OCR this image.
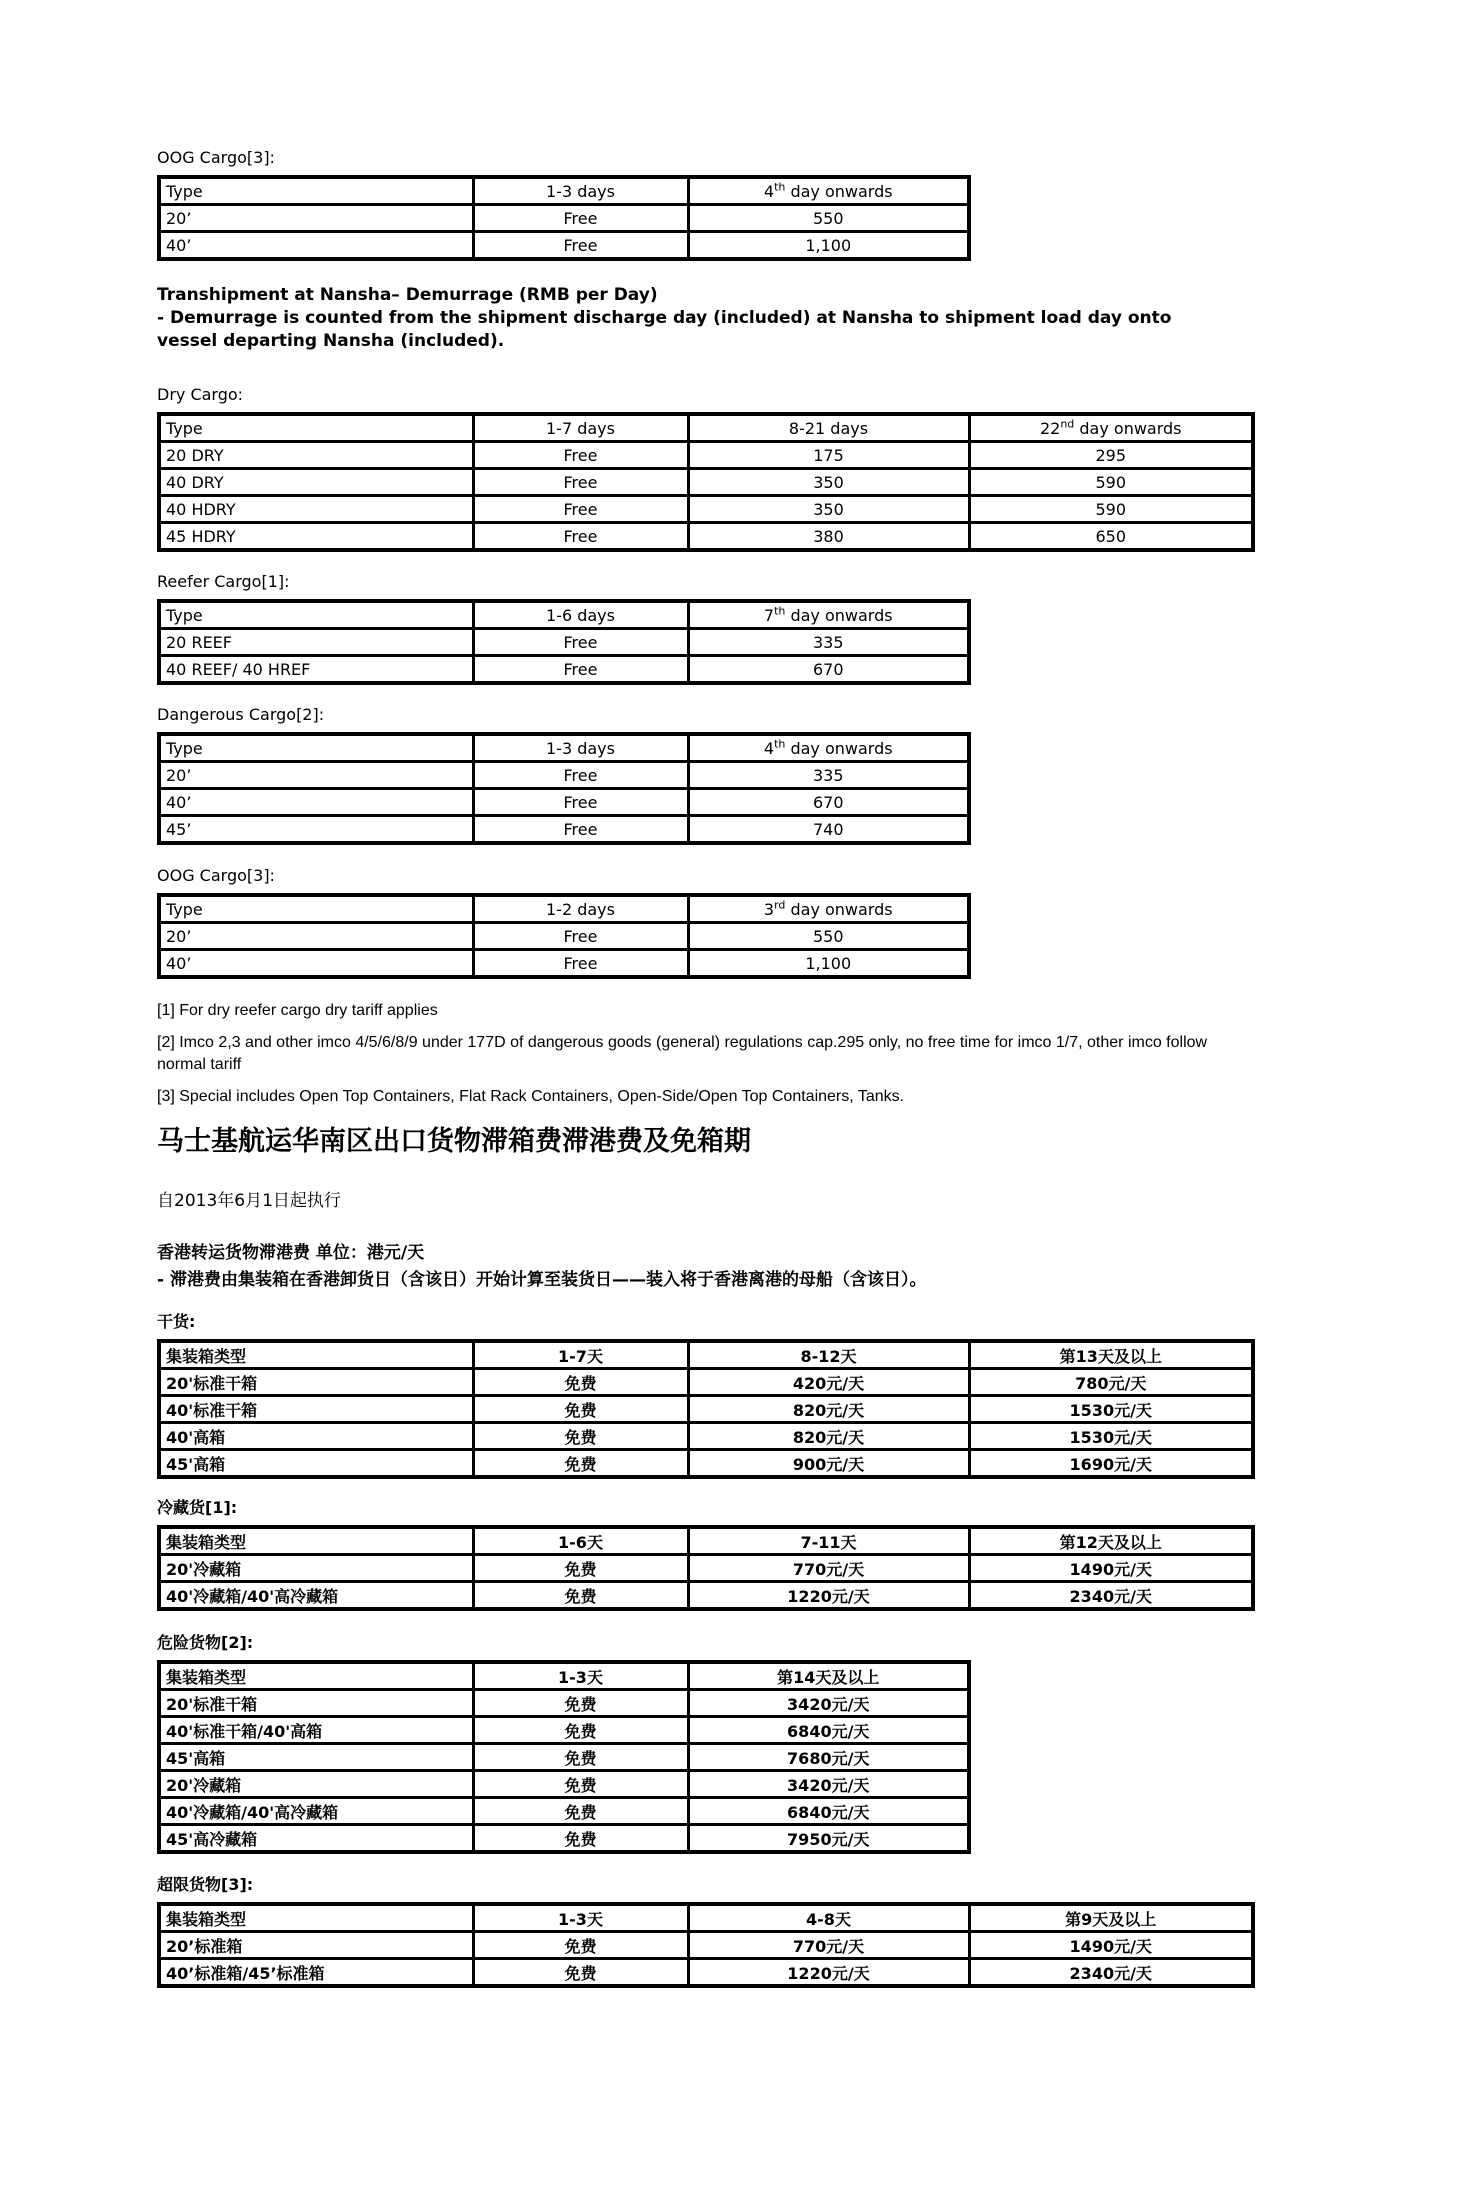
OOG Cargo[3]:
Type	1-3 days	4th day onwards
20’	Free	550
40’	Free	1,100

Transhipment at Nansha– Demurrage (RMB per Day)

- Demurrage is counted from the shipment discharge day (included) at Nansha to shipment load day onto

vessel departing Nansha (included).

Dry Cargo:
Type	1-7 days	8-21 days	22nd day onwards
20 DRY	Free	175	295
40 DRY	Free	350	590
40 HDRY	Free	350	590
45 HDRY	Free	380	650
Reefer Cargo[1]:
Type	1-6 days	7th day onwards
20 REEF	Free	335
40 REEF/ 40 HREF	Free	670
Dangerous Cargo[2]:
Type	1-3 days	4th day onwards
20’	Free	335
40’	Free	670
45’	Free	740
OOG Cargo[3]:
Type	1-2 days	3rd day onwards
20’	Free	550
40’	Free	1,100

[1] For dry reefer cargo dry tariff applies

[2] Imco 2,3 and other imco 4/5/6/8/9 under 177D of dangerous goods (general) regulations cap.295 only, no free time for imco 1/7, other imco follow normal tariff

[3] Special includes Open Top Containers, Flat Rack Containers, Open-Side/Open Top Containers, Tanks.

马士基航运华南区出口货物滞箱费滞港费及免箱期

自2013年6月1日起执行

香港转运货物滞港费 单位：港元/天

- 滞港费由集装箱在香港卸货日（含该日）开始计算至装货日——装入将于香港离港的母船（含该日）。

干货:
集装箱类型	1-7天	8-12天	第13天及以上
20'标准干箱	免费	420元/天	780元/天
40'标准干箱	免费	820元/天	1530元/天
40'高箱	免费	820元/天	1530元/天
45'高箱	免费	900元/天	1690元/天
冷藏货[1]:
集装箱类型	1-6天	7-11天	第12天及以上
20'冷藏箱	免费	770元/天	1490元/天
40'冷藏箱/40'高冷藏箱	免费	1220元/天	2340元/天
危险货物[2]:
集装箱类型	1-3天	第14天及以上
20'标准干箱	免费	3420元/天
40'标准干箱/40'高箱	免费	6840元/天
45'高箱	免费	7680元/天
20'冷藏箱	免费	3420元/天
40'冷藏箱/40'高冷藏箱	免费	6840元/天
45'高冷藏箱	免费	7950元/天
超限货物[3]:
集装箱类型	1-3天	4-8天	第9天及以上
20’标准箱	免费	770元/天	1490元/天
40’标准箱/45’标准箱	免费	1220元/天	2340元/天
